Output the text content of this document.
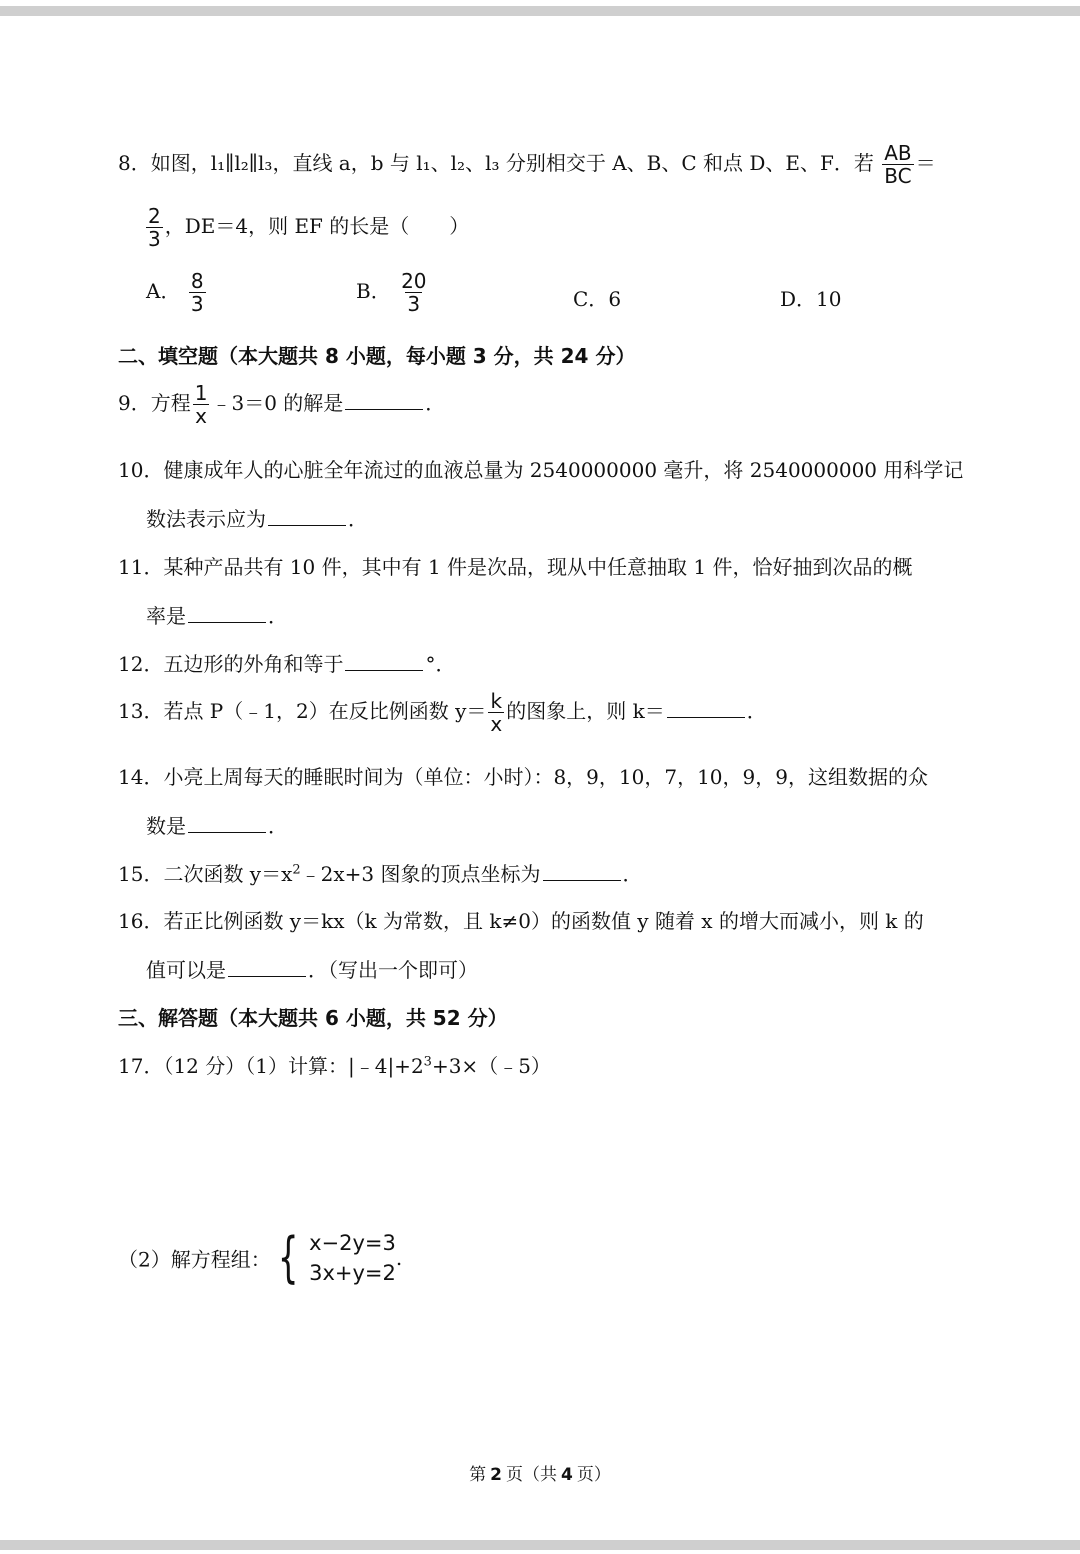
8．如图，l₁∥l₂∥l₃，直线 a，b 与 l₁、l₂、l₃ 分别相交于 A、B、C 和点 D、E、F．若 $\frac{AB}{BC}$ ＝
$\frac{2}{3}$ ，DE＝4，则 EF 的长是（　　）
A． $\frac{8}{3}$	B． $\frac{20}{3}$	C．6	D．10
二、填空题（本大题共 8 小题，每小题 3 分，共 24 分）
9．方程 $\frac{1}{x}$ ﹣3＝0 的解是	．
10．健康成年人的心脏全年流过的血液总量为 2540000000 毫升，将 2540000000 用科学记
数法表示应为	．
11．某种产品共有 10 件，其中有 1 件是次品，现从中任意抽取 1 件，恰好抽到次品的概
率是	．
12．五边形的外角和等于	°．
13．若点 P（﹣1，2）在反比例函数 $y= \frac{k}{x}$ 的图象上，则 k＝	．
14．小亮上周每天的睡眠时间为（单位：小时）：8，9，10，7，10，9，9，这组数据的众
数是	．
15．二次函数 $y=x^2﹣2x+3$ 图象的顶点坐标为	．
16．若正比例函数 y＝kx（k 为常数，且 k≠0）的函数值 y 随着 x 的增大而减小，则 k 的
值可以是	．（写出一个即可）
三、解答题（本大题共 6 小题，共 52 分）
17．（12 分）（1）计算：$|﹣4|+2^3+3\times(﹣5)$
（2）解方程组： { x−2y=3
3x+y=2
.
第 2 页（共 4 页）
